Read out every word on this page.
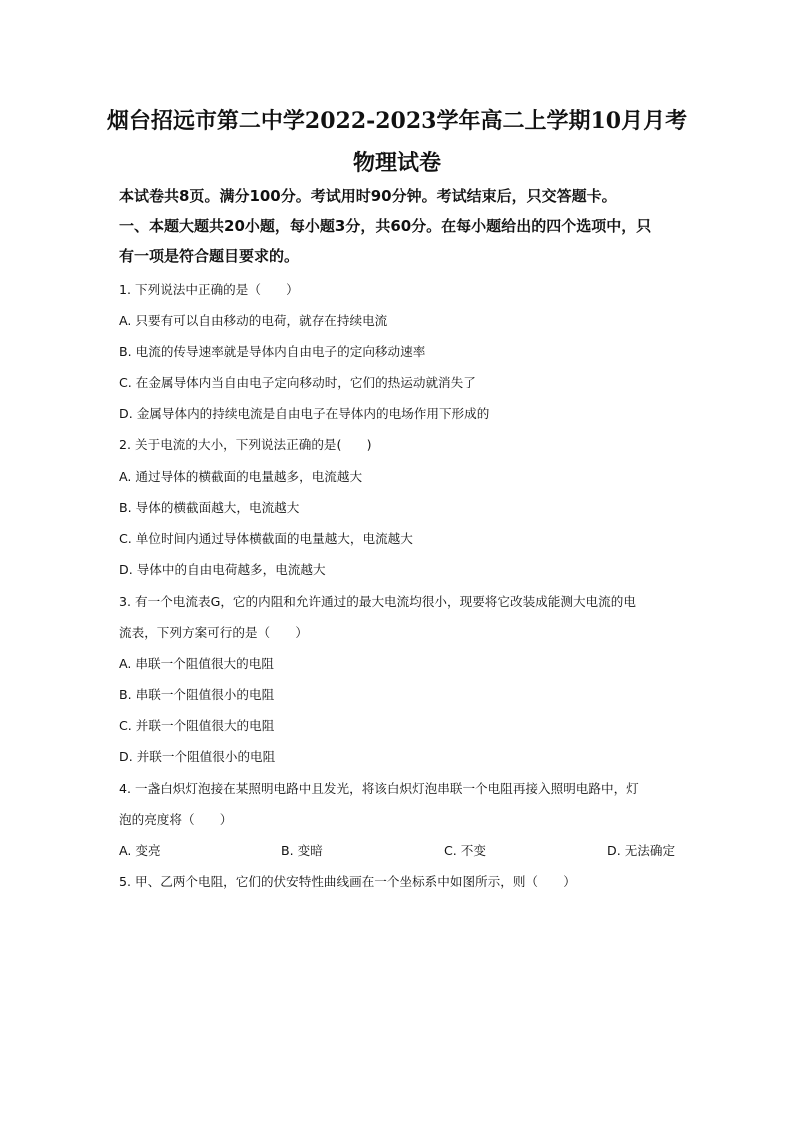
烟台招远市第二中学2022-2023学年高二上学期10月月考
物理试卷
本试卷共8页。满分100分。考试用时90分钟。考试结束后，只交答题卡。
一、本题大题共20小题，每小题3分，共60分。在每小题给出的四个选项中，只
有一项是符合题目要求的。
1. 下列说法中正确的是（　　）
A. 只要有可以自由移动的电荷，就存在持续电流
B. 电流的传导速率就是导体内自由电子的定向移动速率
C. 在金属导体内当自由电子定向移动时，它们的热运动就消失了
D. 金属导体内的持续电流是自由电子在导体内的电场作用下形成的
2. 关于电流的大小，下列说法正确的是(　　)
A. 通过导体的横截面的电量越多，电流越大
B. 导体的横截面越大，电流越大
C. 单位时间内通过导体横截面的电量越大，电流越大
D. 导体中的自由电荷越多，电流越大
3. 有一个电流表G，它的内阻和允许通过的最大电流均很小，现要将它改装成能测大电流的电
流表，下列方案可行的是（　　）
A. 串联一个阻值很大的电阻
B. 串联一个阻值很小的电阻
C. 并联一个阻值很大的电阻
D. 并联一个阻值很小的电阻
4. 一盏白炽灯泡接在某照明电路中且发光，将该白炽灯泡串联一个电阻再接入照明电路中，灯
泡的亮度将（　　）
A. 变亮	B. 变暗	C. 不变	D. 无法确定
5. 甲、乙两个电阻，它们的伏安特性曲线画在一个坐标系中如图所示，则（　　）
